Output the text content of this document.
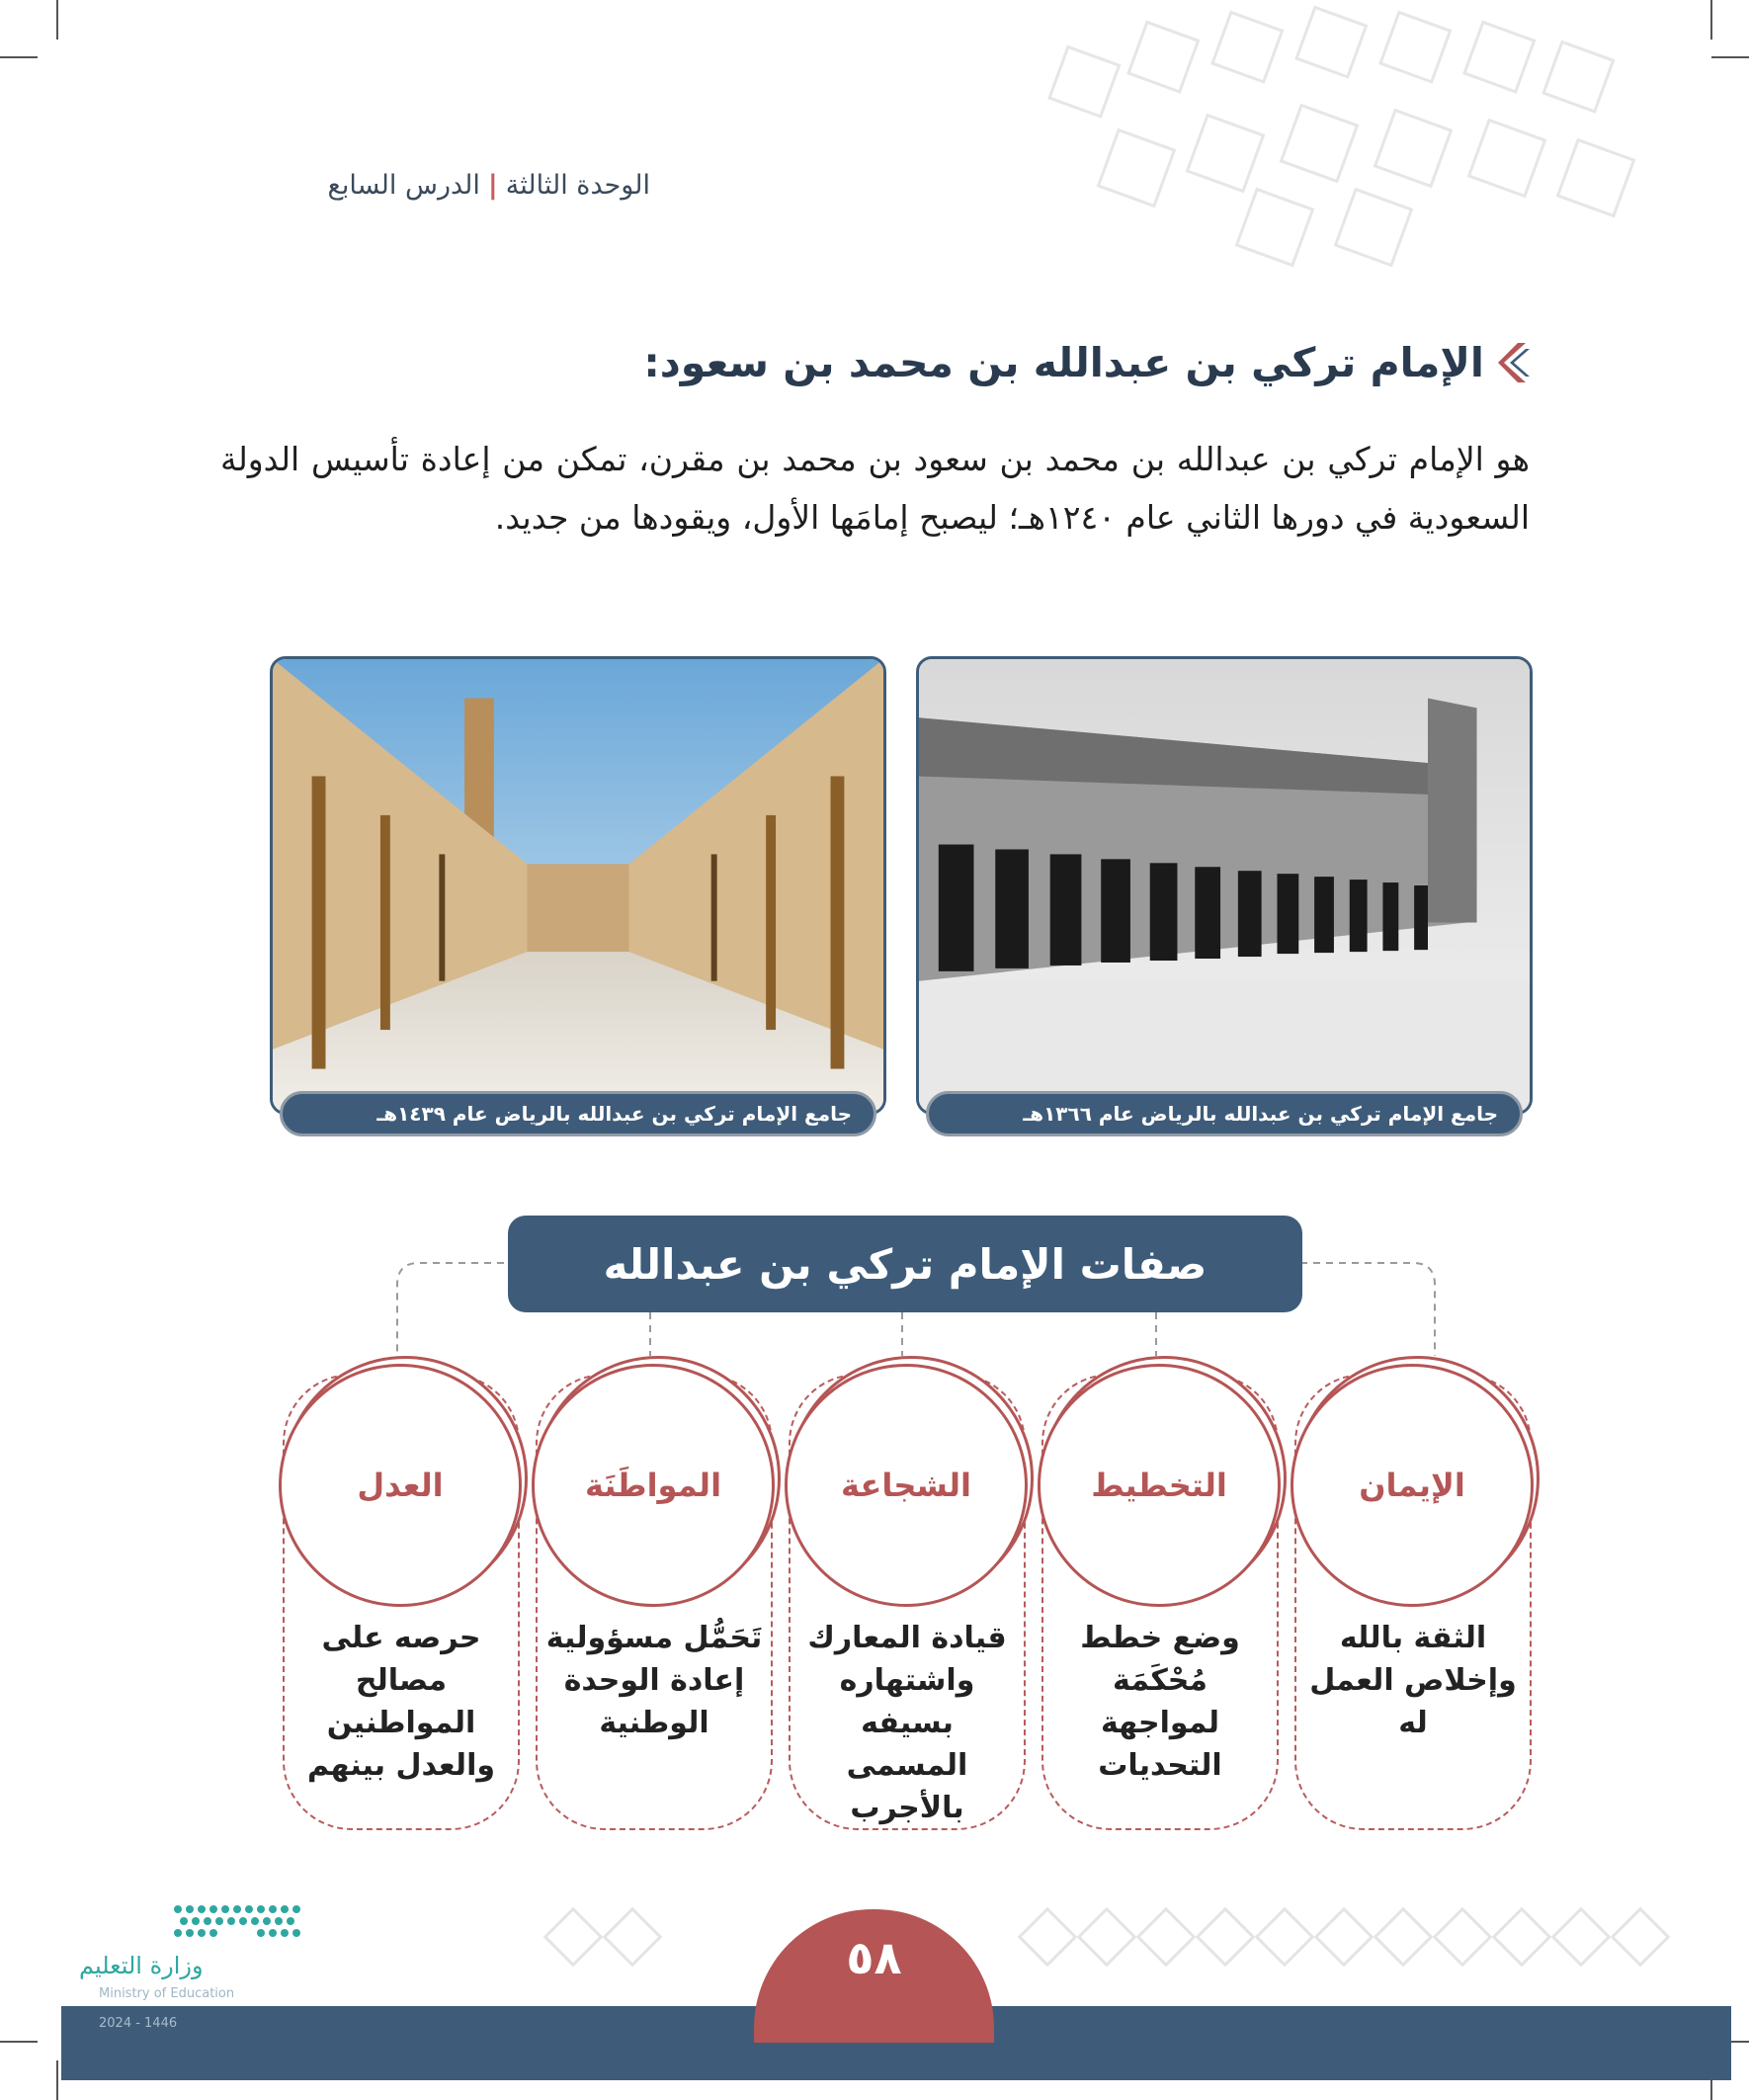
الوحدة الثالثة|الدرس السابع
الإمام تركي بن عبدالله بن محمد بن سعود:
هو الإمام تركي بن عبدالله بن محمد بن سعود بن محمد بن مقرن، تمكن من إعادة تأسيس الدولة السعودية في دورها الثاني عام ١٢٤٠هـ؛ ليصبح إمامَها الأول، ويقودها من جديد.
جامع الإمام تركي بن عبدالله بالرياض عام ١٣٦٦هـ
جامع الإمام تركي بن عبدالله بالرياض عام ١٤٣٩هـ
صفات الإمام تركي بن عبدالله
الإيمان
الثقة بالله وإخلاص العمل له
التخطيط
وضع خطط مُحْكَمَة لمواجهة التحديات
الشجاعة
قيادة المعارك واشتهاره بسيفه المسمى بالأجرب
المواطَنَة
تَحَمُّل مسؤولية إعادة الوحدة الوطنية
العدل
حرصه على مصالح المواطنين والعدل بينهم
٥٨
وزارة التعليم
Ministry of Education
2024 - 1446
